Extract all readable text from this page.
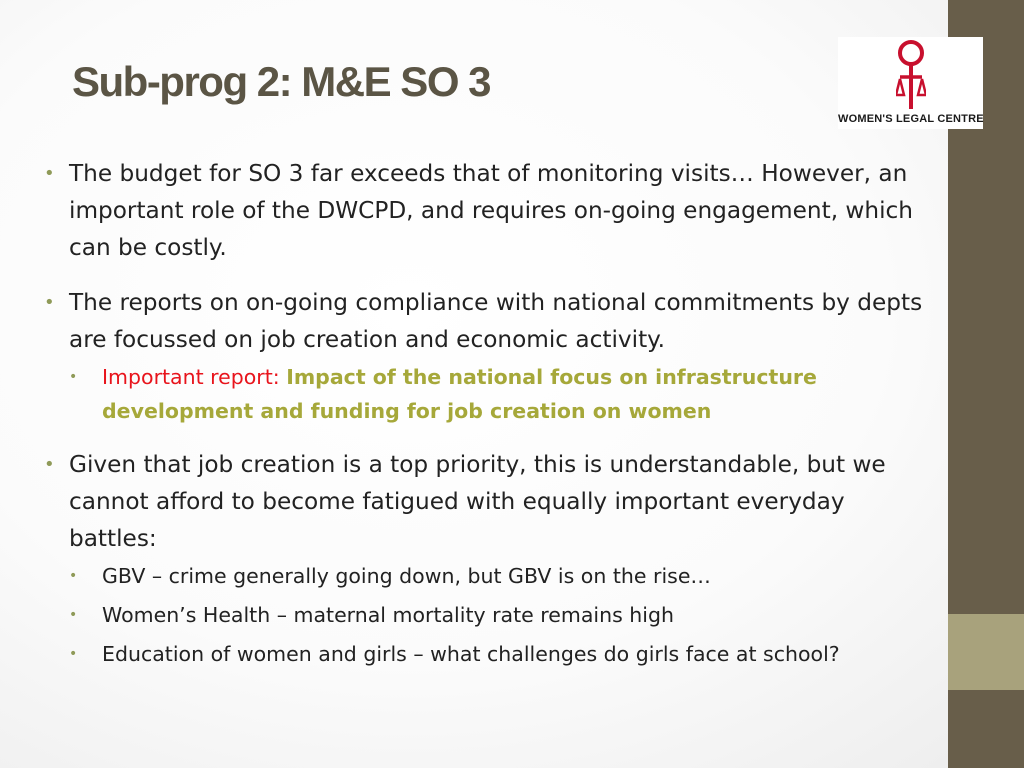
WOMEN'S LEGAL CENTRE
Sub-prog 2: M&E SO 3
• The budget for SO 3 far exceeds that of monitoring visits… However, an important role of the DWCPD, and requires on-going engagement, which can be costly.
• The reports on on-going compliance with national commitments by depts are focussed on job creation and economic activity.
• Important report: Impact of the national focus on infrastructure development and funding for job creation on women
• Given that job creation is a top priority, this is understandable, but we cannot afford to become fatigued with equally important everyday battles:
• GBV – crime generally going down, but GBV is on the rise…
• Women’s Health – maternal mortality rate remains high
• Education of women and girls – what challenges do girls face at school?
